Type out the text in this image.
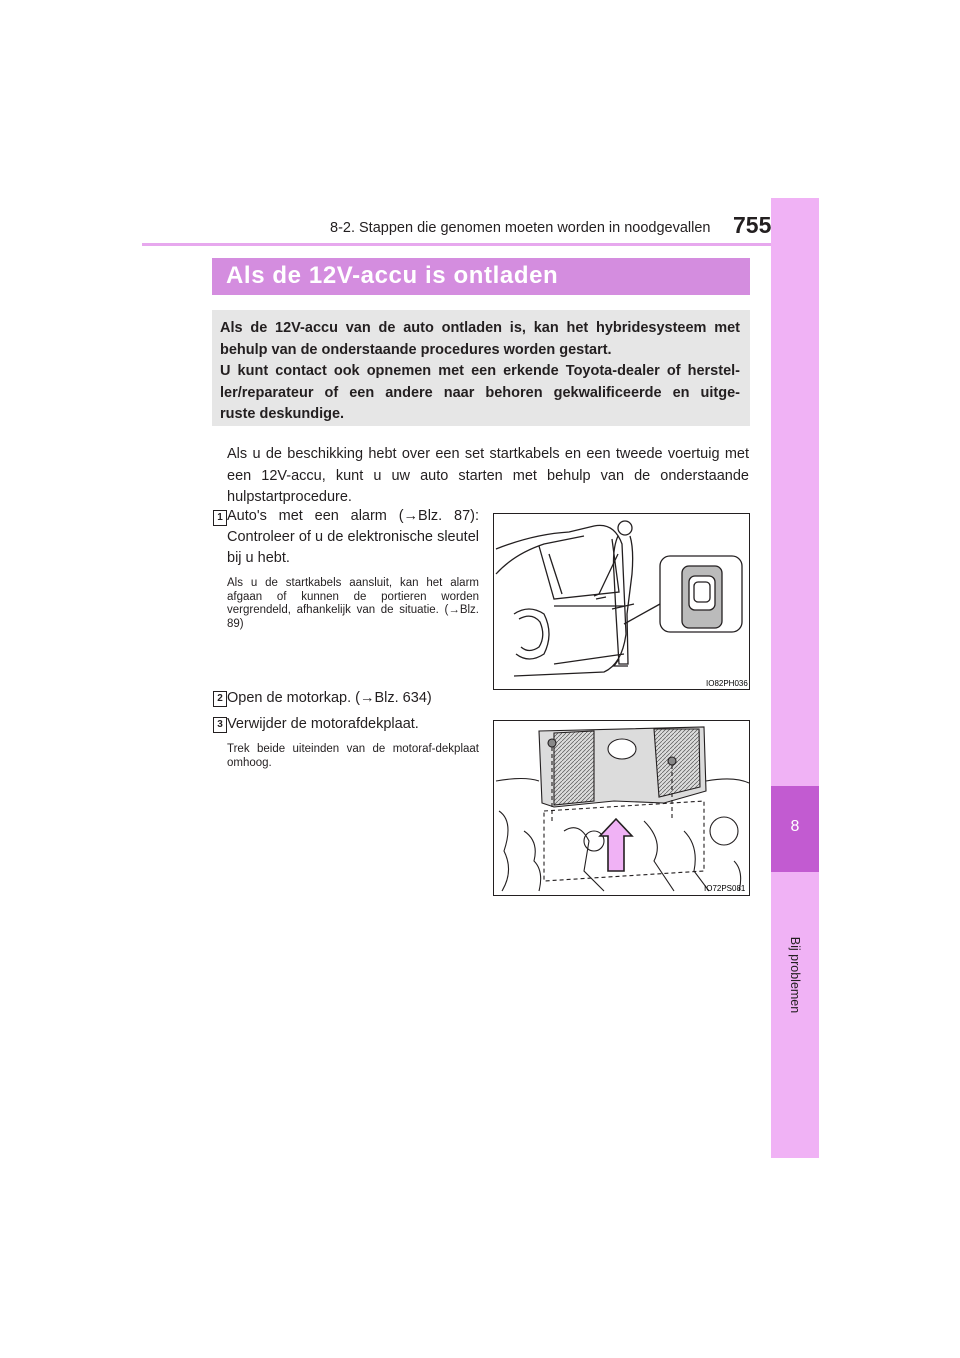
8-2. Stappen die genomen moeten worden in noodgevallen 755
8
Bij problemen
Als de 12V-accu is ontladen

Als de 12V-accu van de auto ontladen is, kan het hybridesysteem met

behulp van de onderstaande procedures worden gestart.

U kunt contact ook opnemen met een erkende Toyota-dealer of herstel-

ler/reparateur of een andere naar behoren gekwalificeerde en uitge-

ruste deskundige.

Als u de beschikking hebt over een set startkabels en een tweede voertuig met een 12V-accu, kunt u uw auto starten met behulp van de onderstaande hulpstartprocedure.

1 Auto's met een alarm (→Blz. 87): Controleer of u de elektronische sleutel bij u hebt.
Als u de startkabels aansluit, kan het alarm afgaan of kunnen de portieren worden vergrendeld, afhankelijk van de situatie. (→Blz. 89)
IO82PH036
2 Open de motorkap. (→Blz. 634)
3 Verwijder de motorafdekplaat.
Trek beide uiteinden van de motoraf-dekplaat omhoog.
IO72PS081
